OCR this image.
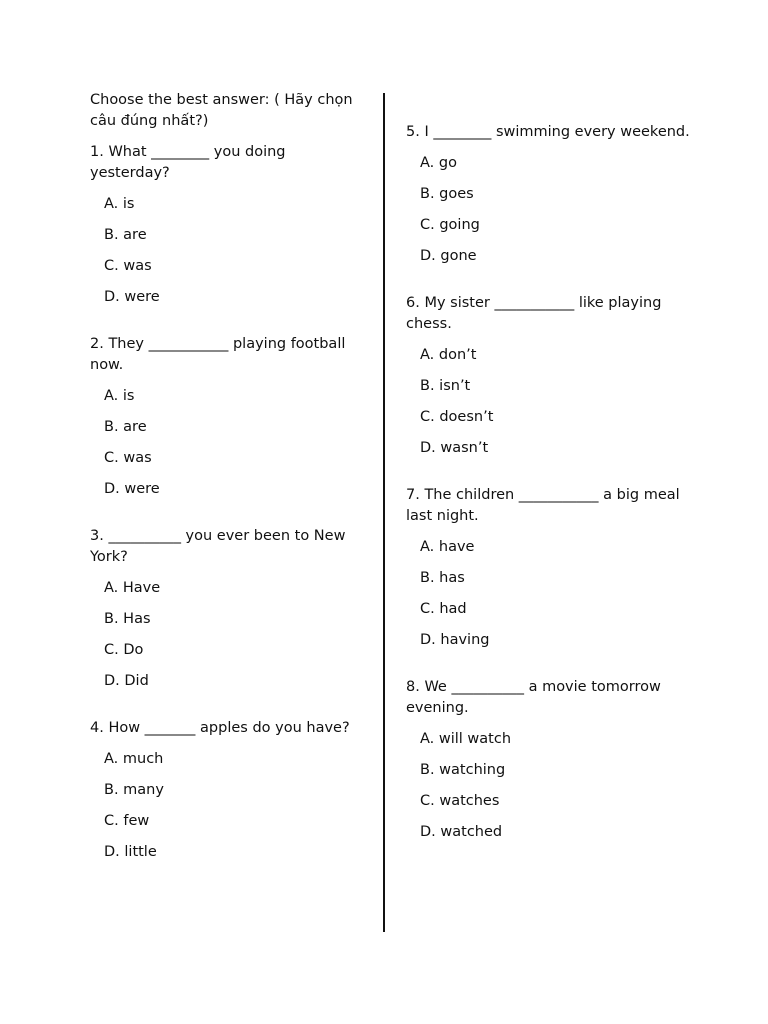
Choose the best answer: ( Hãy chọn câu đúng nhất?)

1. What ________ you doing yesterday?

A. is
B. are
C. was
D. were

2. They ___________ playing football now.

A. is
B. are
C. was
D. were

3. __________ you ever been to New York?

A. Have
B. Has
C. Do
D. Did

4. How _______ apples do you have?

A. much
B. many
C. few
D. little

5. I ________ swimming every weekend.

A. go
B. goes
C. going
D. gone

6. My sister ___________ like playing chess.

A. don’t
B. isn’t
C. doesn’t
D. wasn’t

7. The children ___________ a big meal last night.

A. have
B. has
C. had
D. having

8. We __________ a movie tomorrow evening.

A. will watch
B. watching
C. watches
D. watched
